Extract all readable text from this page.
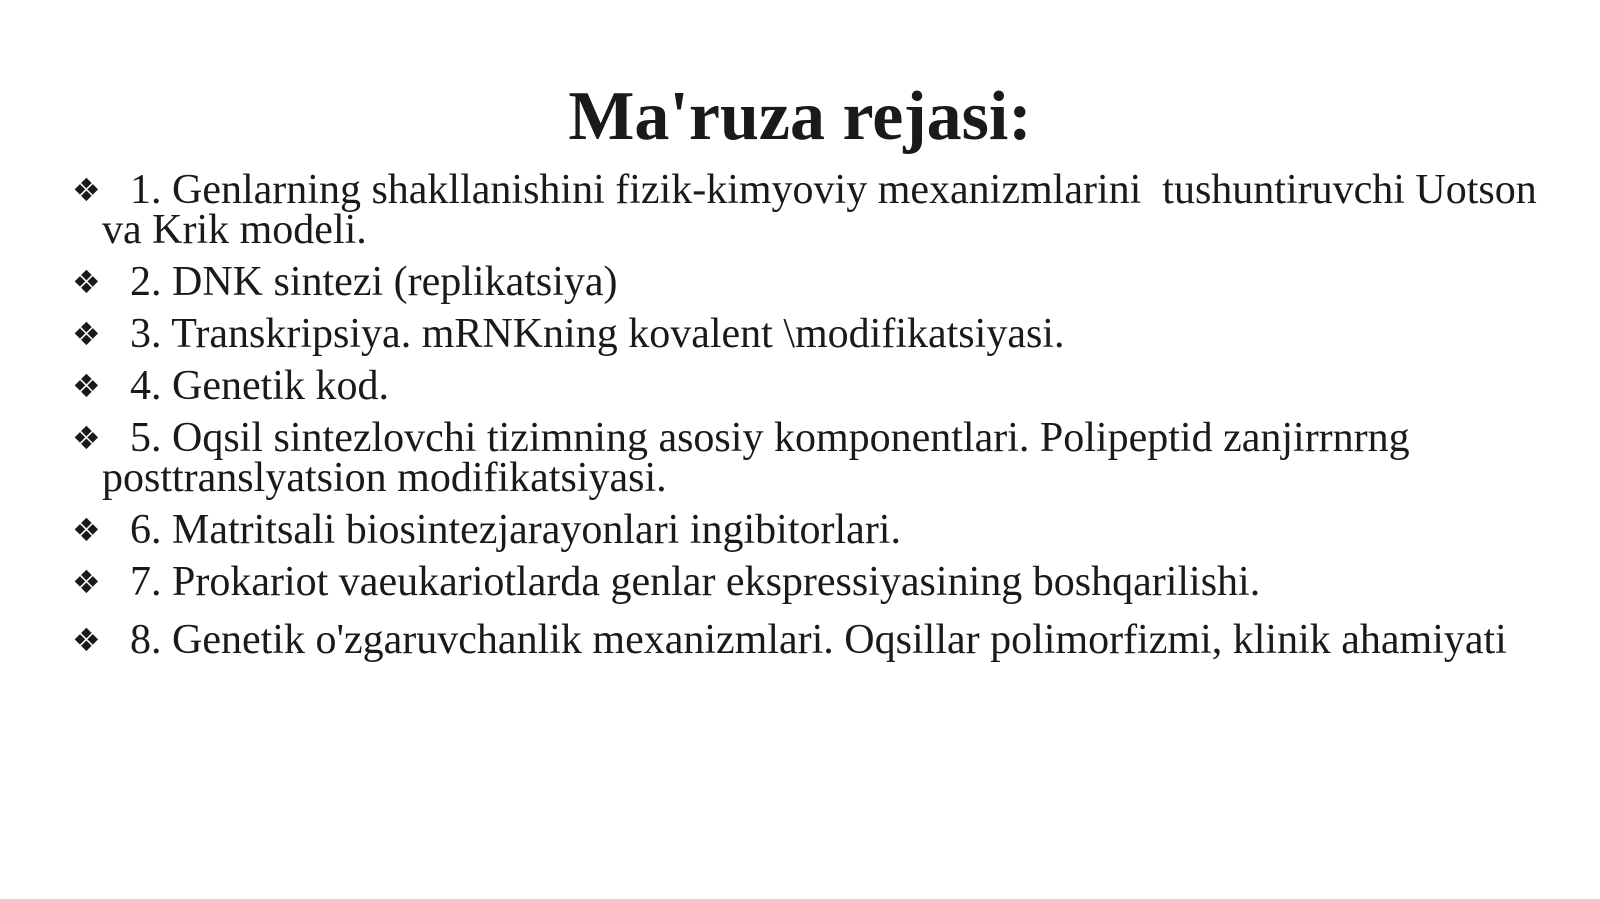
Ma'ruza rejasi:
❖ 1. Genlarning shakllanishini fizik-kimyoviy mexanizmlarini  tushuntiruvchi Uotson va Krik modeli.
❖ 2. DNK sintezi (replikatsiya)
❖ 3. Transkripsiya. mRNKning kovalent \modifikatsiyasi.
❖ 4. Genetik kod.
❖ 5. Oqsil sintezlovchi tizimning asosiy komponentlari. Polipeptid zanjirrnrng posttranslyatsion modifikatsiyasi.
❖ 6. Matritsali biosintezjarayonlari ingibitorlari.
❖ 7. Prokariot vaeukariotlarda genlar ekspressiyasining boshqarilishi.
❖ 8. Genetik o'zgaruvchanlik mexanizmlari. Oqsillar polimorfizmi, klinik ahamiyati
